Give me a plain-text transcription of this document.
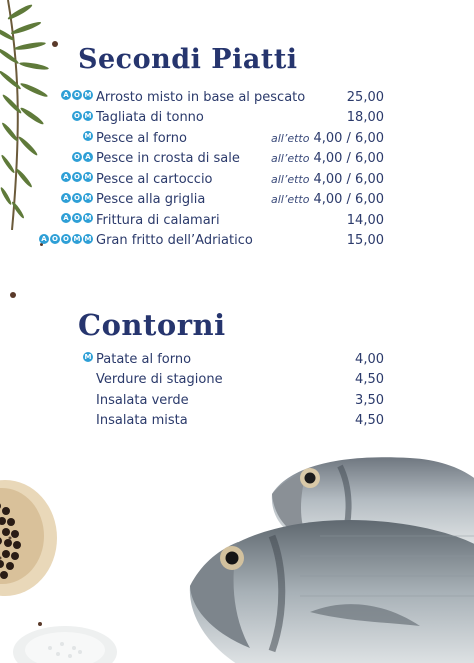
Secondi Piatti
A O M Arrosto misto in base al pescato	25,00
O M Tagliata di tonno	18,00
M Pesce al forno	all’etto 4,00 / 6,00
O A Pesce in crosta di sale	all’etto 4,00 / 6,00
A O M Pesce al cartoccio	all’etto 4,00 / 6,00
A O M Pesce alla griglia	all’etto 4,00 / 6,00
A O M Frittura di calamari	14,00
A O O M M Gran fritto dell’Adriatico	15,00
Contorni
M Patate al forno	4,00
Verdure di stagione	4,50
Insalata verde	3,50
Insalata mista	4,50
